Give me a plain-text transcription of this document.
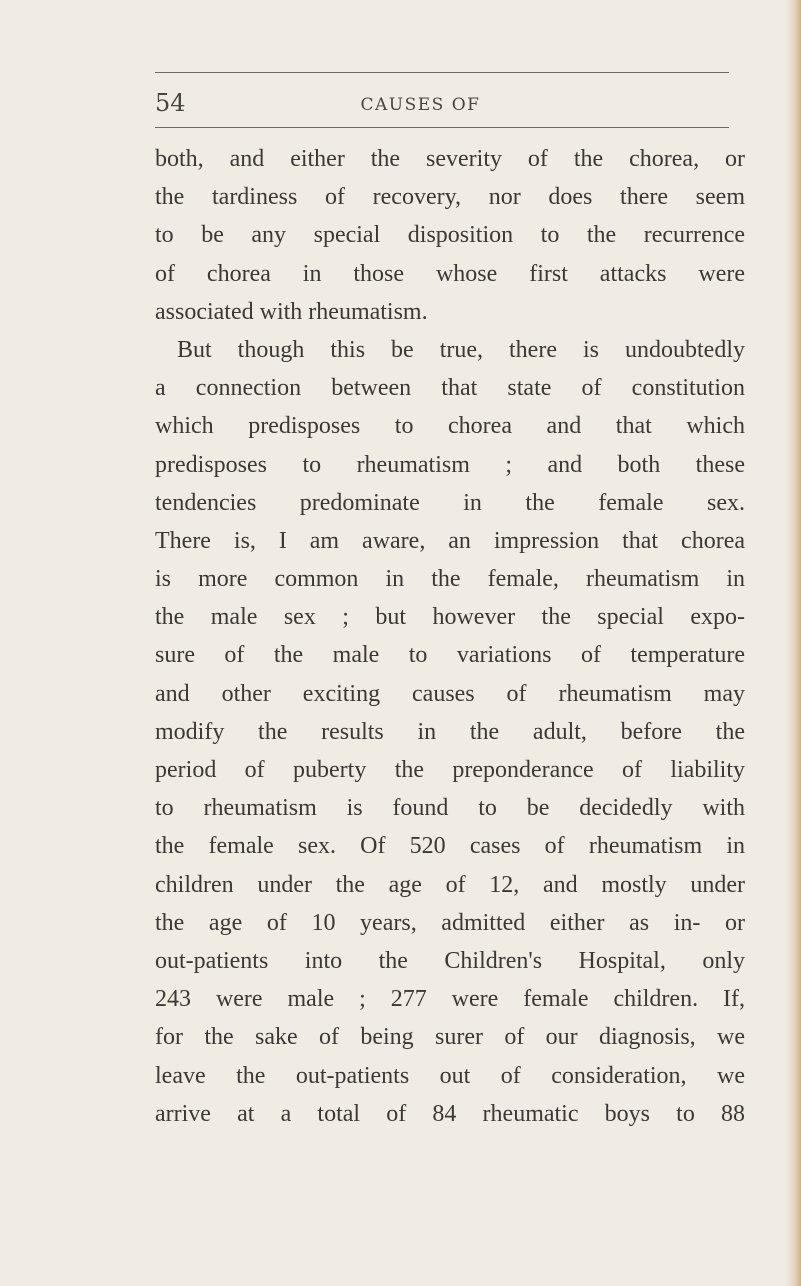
54	CAUSES OF
both, and either the severity of the chorea, or
the tardiness of recovery, nor does there seem
to be any special disposition to the recurrence
of chorea in those whose first attacks were
associated with rheumatism.
But though this be true, there is undoubtedly
a connection between that state of constitution
which predisposes to chorea and that which
predisposes to rheumatism ; and both these
tendencies predominate in the female sex.
There is, I am aware, an impression that chorea
is more common in the female, rheumatism in
the male sex ; but however the special expo-
sure of the male to variations of temperature
and other exciting causes of rheumatism may
modify the results in the adult, before the
period of puberty the preponderance of liability
to rheumatism is found to be decidedly with
the female sex. Of 520 cases of rheumatism in
children under the age of 12, and mostly under
the age of 10 years, admitted either as in- or
out-patients into the Children's Hospital, only
243 were male ; 277 were female children. If,
for the sake of being surer of our diagnosis, we
leave the out-patients out of consideration, we
arrive at a total of 84 rheumatic boys to 88
